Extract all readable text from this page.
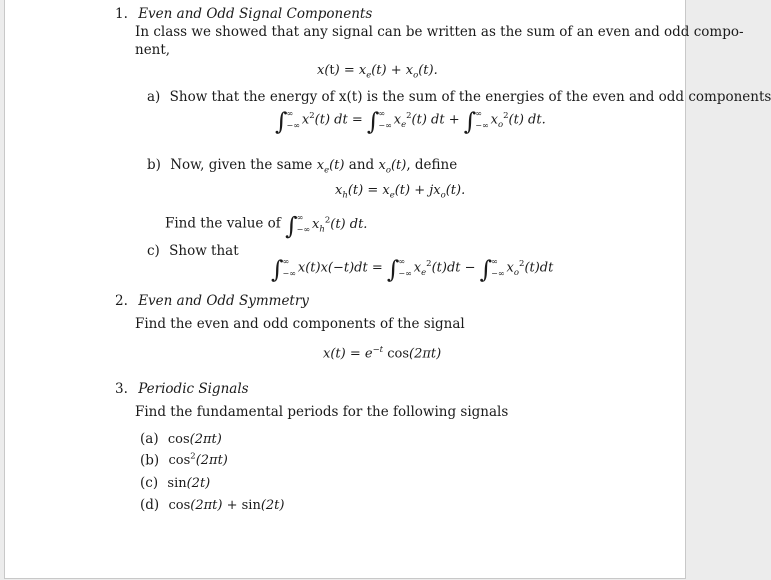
1. Even and Odd Signal Components
In class we showed that any signal can be written as the sum of an even and odd compo-
nent,
$x(t) = x_e(t) + x_o(t)$.
a) Show that the energy of x(t) is the sum of the energies of the even and odd components
∫ ∞
−∞ $x^2(t)$ dt = ∫ ∞
−∞ $x_e^2(t)$ dt + ∫ ∞
−∞ $x_o^2(t)$ dt.
b) Now, given the same $x_e(t)$ and $x_o(t)$, define
$x_h(t) = x_e(t) + jx_o(t)$.
Find the value of ∫ ∞
−∞ $x_h^2(t)$ dt.
c) Show that
∫ ∞
−∞ x(t)x(−t)dt = ∫ ∞
−∞ $x_e^2(t)dt$ − ∫ ∞
−∞ $x_o^2(t)dt$
2. Even and Odd Symmetry
Find the even and odd components of the signal
$x(t) = e^{-t}$ cos(2πt)
3. Periodic Signals
Find the fundamental periods for the following signals
(a) cos(2πt)
(b) $\cos^2(2\pi t)$
(c) sin(2t)
(d) cos(2πt) + sin(2t)
